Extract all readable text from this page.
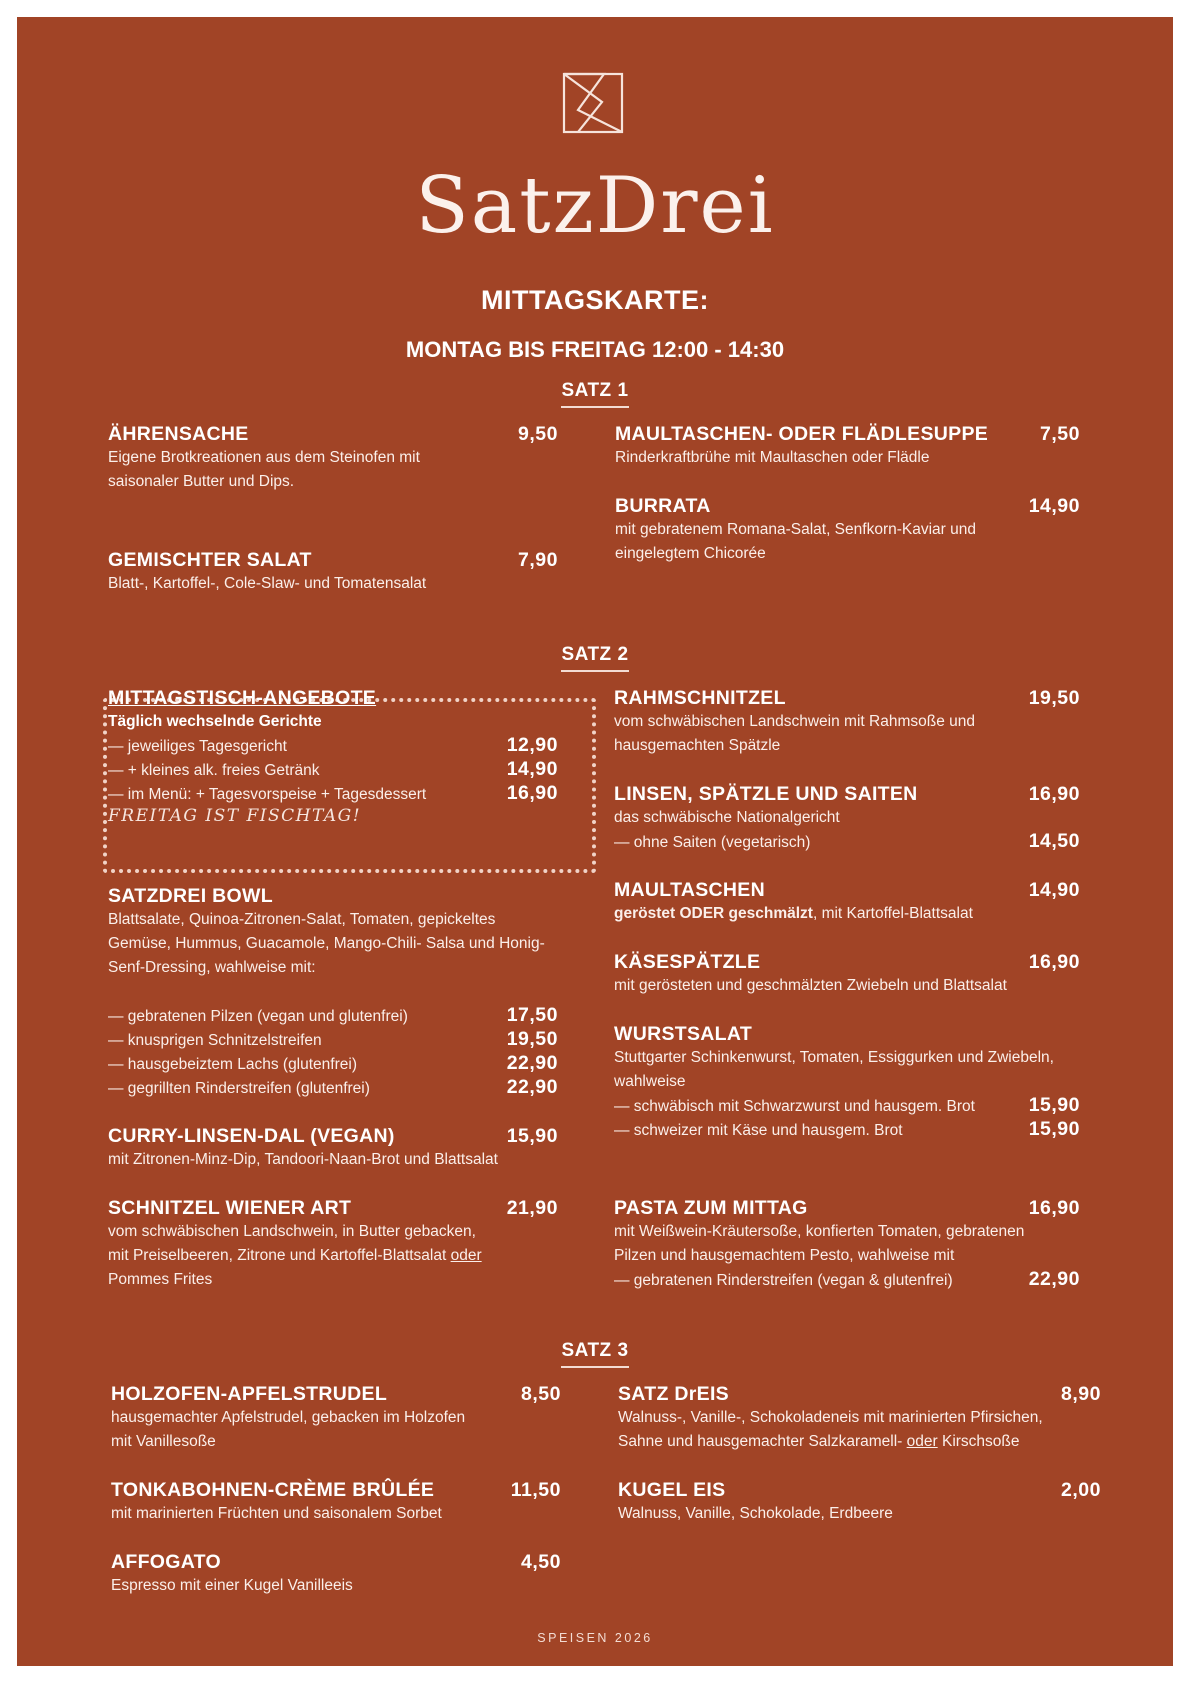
SatzDrei
MITTAGSKARTE:
MONTAG BIS FREITAG 12:00 - 14:30
SATZ 1
ÄHRENSACHE	9,50
Eigene Brotkreationen aus dem Steinofen mit
saisonaler Butter und Dips.
GEMISCHTER SALAT	7,90
Blatt-, Kartoffel-, Cole-Slaw- und Tomatensalat
MAULTASCHEN- ODER FLÄDLESUPPE	7,50
Rinderkraftbrühe mit Maultaschen oder Flädle
BURRATA	14,90
mit gebratenem Romana-Salat, Senfkorn-Kaviar und
eingelegtem Chicorée
SATZ 2
MITTAGSTISCH-ANGEBOTE
Täglich wechselnde Gerichte
— jeweiliges Tagesgericht	12,90
— + kleines alk. freies Getränk	14,90
— im Menü: + Tagesvorspeise + Tagesdessert	16,90
FREITAG IST FISCHTAG!
SATZDREI BOWL
Blattsalate, Quinoa-Zitronen-Salat, Tomaten, gepickeltes
Gemüse, Hummus, Guacamole, Mango-Chili- Salsa und Honig-
Senf-Dressing, wahlweise mit:
— gebratenen Pilzen (vegan und glutenfrei)	17,50
— knusprigen Schnitzelstreifen	19,50
— hausgebeiztem Lachs (glutenfrei)	22,90
— gegrillten Rinderstreifen (glutenfrei)	22,90
CURRY-LINSEN-DAL (VEGAN)	15,90
mit Zitronen-Minz-Dip, Tandoori-Naan-Brot und Blattsalat
SCHNITZEL WIENER ART	21,90
vom schwäbischen Landschwein, in Butter gebacken,
mit Preiselbeeren, Zitrone und Kartoffel-Blattsalat oder
Pommes Frites
RAHMSCHNITZEL	19,50
vom schwäbischen Landschwein mit Rahmsoße und
hausgemachten Spätzle
LINSEN, SPÄTZLE UND SAITEN	16,90
das schwäbische Nationalgericht
— ohne Saiten (vegetarisch)	14,50
MAULTASCHEN	14,90
geröstet ODER geschmälzt, mit Kartoffel-Blattsalat
KÄSESPÄTZLE	16,90
mit gerösteten und geschmälzten Zwiebeln und Blattsalat
WURSTSALAT
Stuttgarter Schinkenwurst, Tomaten, Essiggurken und Zwiebeln,
wahlweise
— schwäbisch mit Schwarzwurst und hausgem. Brot	15,90
— schweizer mit Käse und hausgem. Brot	15,90
PASTA ZUM MITTAG	16,90
mit Weißwein-Kräutersoße, konfierten Tomaten, gebratenen
Pilzen und hausgemachtem Pesto, wahlweise mit
— gebratenen Rinderstreifen (vegan & glutenfrei)	22,90
SATZ 3
HOLZOFEN-APFELSTRUDEL	8,50
hausgemachter Apfelstrudel, gebacken im Holzofen
mit Vanillesoße
TONKABOHNEN-CRÈME BRÛLÉE	11,50
mit marinierten Früchten und saisonalem Sorbet
AFFOGATO	4,50
Espresso mit einer Kugel Vanilleeis
SATZ DrEIS	8,90
Walnuss-, Vanille-, Schokoladeneis mit marinierten Pfirsichen,
Sahne und hausgemachter Salzkaramell- oder Kirschsoße
KUGEL EIS	2,00
Walnuss, Vanille, Schokolade, Erdbeere
SPEISEN 2026
